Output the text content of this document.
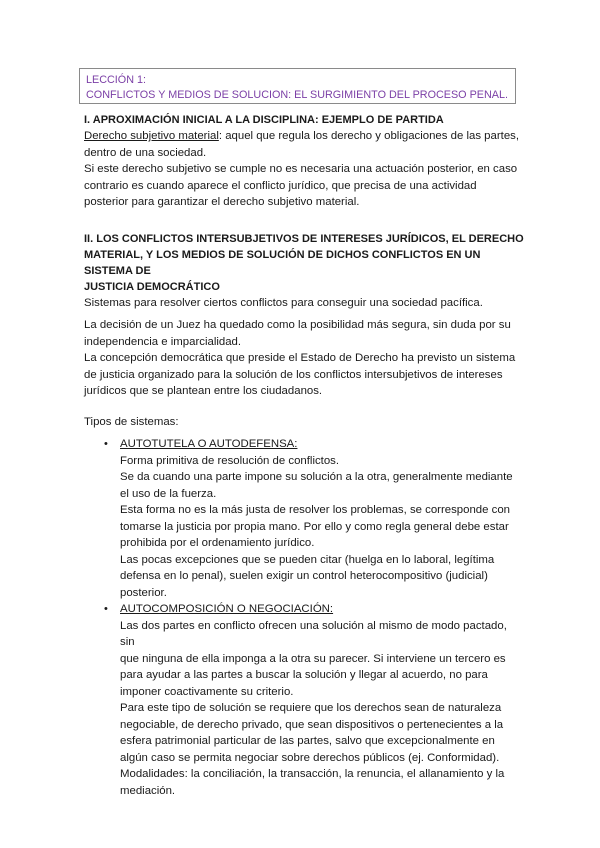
LECCIÓN 1:
CONFLICTOS Y MEDIOS DE SOLUCION: EL SURGIMIENTO DEL PROCESO PENAL.
I. APROXIMACIÓN INICIAL A LA DISCIPLINA: EJEMPLO DE PARTIDA

Derecho subjetivo material: aquel que regula los derecho y obligaciones de las partes,

dentro de una sociedad.

Si este derecho subjetivo se cumple no es necesaria una actuación posterior, en caso

contrario es cuando aparece el conflicto jurídico, que precisa de una actividad

posterior para garantizar el derecho subjetivo material.

II. LOS CONFLICTOS INTERSUBJETIVOS DE INTERESES JURÍDICOS, EL DERECHO
MATERIAL, Y LOS MEDIOS DE SOLUCIÓN DE DICHOS CONFLICTOS EN UN SISTEMA DE
JUSTICIA DEMOCRÁTICO

Sistemas para resolver ciertos conflictos para conseguir una sociedad pacífica.

La decisión de un Juez ha quedado como la posibilidad más segura, sin duda por su

independencia e imparcialidad.

La concepción democrática que preside el Estado de Derecho ha previsto un sistema

de justicia organizado para la solución de los conflictos intersubjetivos de intereses

jurídicos que se plantean entre los ciudadanos.

Tipos de sistemas:

• AUTOTUTELA O AUTODEFENSA:

Forma primitiva de resolución de conflictos.

Se da cuando una parte impone su solución a la otra, generalmente mediante

el uso de la fuerza.

Esta forma no es la más justa de resolver los problemas, se corresponde con

tomarse la justicia por propia mano. Por ello y como regla general debe estar

prohibida por el ordenamiento jurídico.

Las pocas excepciones que se pueden citar (huelga en lo laboral, legítima

defensa en lo penal), suelen exigir un control heterocompositivo (judicial)

posterior.

• AUTOCOMPOSICIÓN O NEGOCIACIÓN:

Las dos partes en conflicto ofrecen una solución al mismo de modo pactado, sin

que ninguna de ella imponga a la otra su parecer. Si interviene un tercero es

para ayudar a las partes a buscar la solución y llegar al acuerdo, no para

imponer coactivamente su criterio.

Para este tipo de solución se requiere que los derechos sean de naturaleza

negociable, de derecho privado, que sean dispositivos o pertenecientes a la

esfera patrimonial particular de las partes, salvo que excepcionalmente en

algún caso se permita negociar sobre derechos públicos (ej. Conformidad).

Modalidades: la conciliación, la transacción, la renuncia, el allanamiento y la

mediación.
